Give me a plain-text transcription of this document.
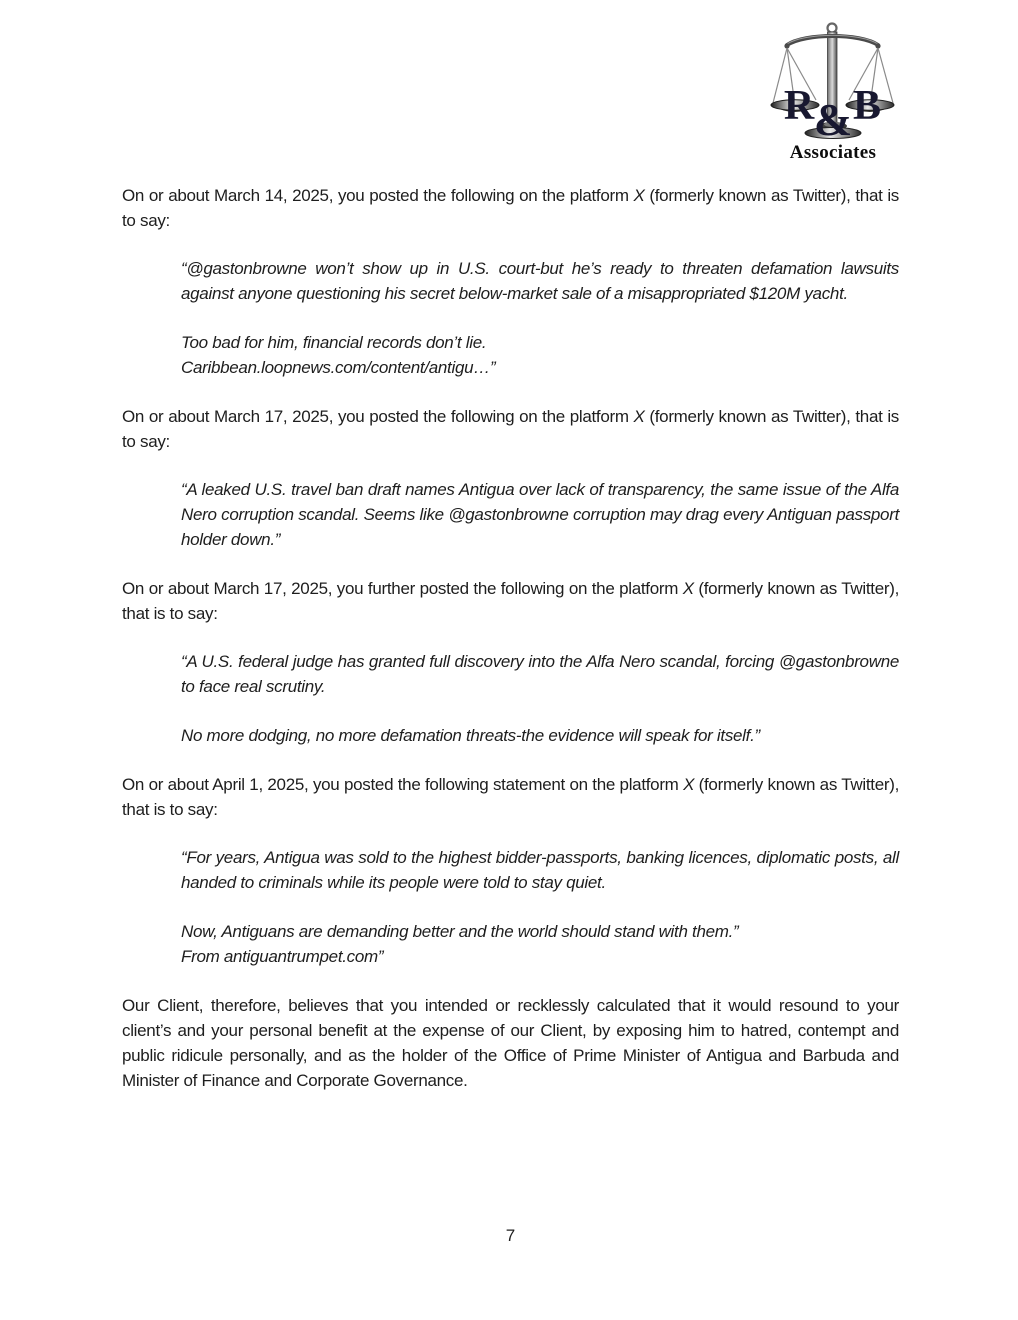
R B
&
Associates

On or about March 14, 2025, you posted the following on the platform X (formerly known as Twitter), that is to say:

“@gastonbrowne won’t show up in U.S. court-but he’s ready to threaten defamation lawsuits against anyone questioning his secret below-market sale of a misappropriated $120M yacht.
Too bad for him, financial records don’t lie.
Caribbean.loopnews.com/content/antigu…”

On or about March 17, 2025, you posted the following on the platform X (formerly known as Twitter), that is to say:

“A leaked U.S. travel ban draft names Antigua over lack of transparency, the same issue of the Alfa Nero corruption scandal. Seems like @gastonbrowne corruption may drag every Antiguan passport holder down.”

On or about March 17, 2025, you further posted the following on the platform X (formerly known as Twitter), that is to say:

“A U.S. federal judge has granted full discovery into the Alfa Nero scandal, forcing @gastonbrowne to face real scrutiny.
No more dodging, no more defamation threats-the evidence will speak for itself.”

On or about April 1, 2025, you posted the following statement on the platform X (formerly known as Twitter), that is to say:

“For years, Antigua was sold to the highest bidder-passports, banking licences, diplomatic posts, all handed to criminals while its people were told to stay quiet.
Now, Antiguans are demanding better and the world should stand with them.”
From antiguantrumpet.com”

Our Client, therefore, believes that you intended or recklessly calculated that it would resound to your client’s and your personal benefit at the expense of our Client, by exposing him to hatred, contempt and public ridicule personally, and as the holder of the Office of Prime Minister of Antigua and Barbuda and Minister of Finance and Corporate Governance.

7
